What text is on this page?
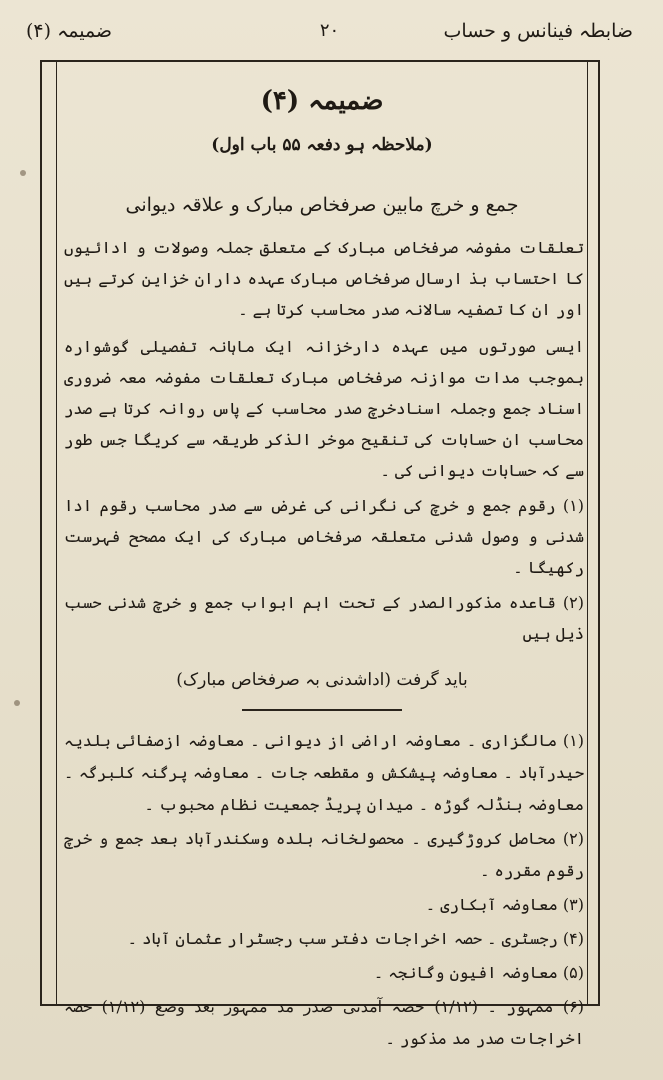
ضابطہ فینانس و حساب
۲۰
ضمیمہ (۴)
ضمیمہ (۴)
(ملاحظہ ہو دفعہ ۵۵ باب اول)
جمع و خرچ مابین صرفخاص مبارک و علاقہ دیوانی
تعلقات مفوضہ صرفخاص مبارک کے متعلق جملہ وصولات و ادائیوں کا احتساب بذ ارسال صرفخاص مبارک عہدہ داران خزاین کرتے ہیں اور ان کا تصفیہ سالانہ صدر محاسب کرتا ہے ۔
ایسی صورتوں میں عہدہ دارخزانہ ایک ماہانہ تفصیلی گوشوارہ بموجب مدات موازنہ صرفخاص مبارک تعلقات مفوضہ معہ ضروری اسناد جمع وجملہ اسنادخرچ صدر محاسب کے پاس روانہ کرتا ہے صدر محاسب ان حسابات کی تنقیح موخر الذکر طریقہ سے کریگا جس طور سے کہ حسابات دیوانی کی ۔
(۱) رقوم جمع و خرچ کی نگرانی کی غرض سے صدر محاسب رقوم ادا شدنی و وصول شدنی متعلقہ صرفخاص مبارک کی ایک مصحح فہرست رکھیگا ۔
(۲) قاعدہ مذکورالصدر کے تحت اہم ابواب جمع و خرچ شدنی حسب ذیل ہیں
باید گرفت (اداشدنی بہ صرفخاص مبارک)
(۱) مالگزاری ۔ معاوضہ اراضی از دیوانی ۔ معاوضہ ازصفائی بلدیہ حیدرآباد ۔ معاوضہ پیشکش و مقطعہ جات ۔ معاوضہ پرگنہ کلبرگہ ۔ معاوضہ بنڈلہ گوڑہ ۔ میدان پریڈ جمعیت نظام محبوب ۔
(۲) محاصل کروڑگیری ۔ محصولخانہ بلدہ وسکندرآباد بعد جمع و خرچ رقوم مقررہ ۔
(۳) معاوضہ آبکاری ۔
(۴) رجسٹری ۔ حصہ اخراجات دفتر سب رجسٹرار عثمان آباد ۔
(۵) معاوضہ افیون وگانجہ ۔
(۶) ممہور ۔ (۱/۱۲) حصہ آمدنی صدر مد ممہور بعد وضع (۱/۱۲) حصہ اخراجات صدر مد مذکور ۔
